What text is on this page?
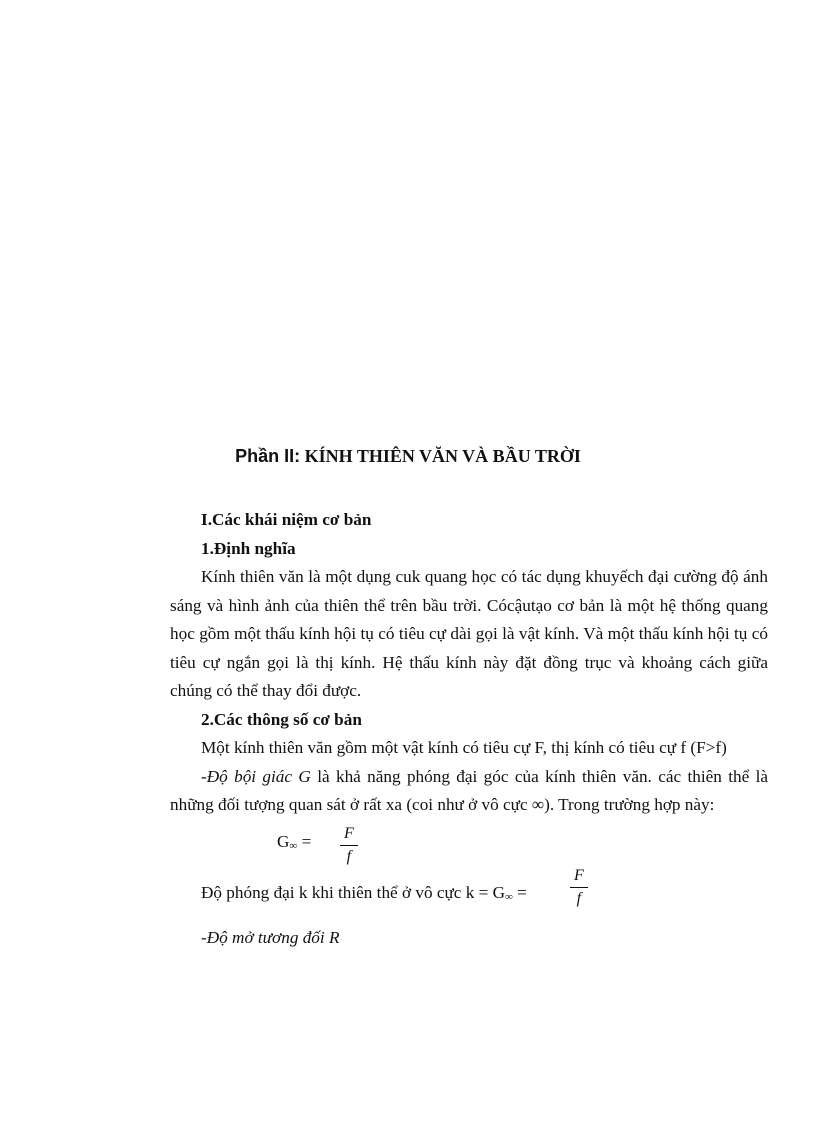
Phần II: KÍNH THIÊN VĂN VÀ BẦU TRỜI

I.Các khái niệm cơ bản

1.Định nghĩa

Kính thiên văn là một dụng cuk quang học có tác dụng khuyếch đại cường độ ánh sáng và hình ảnh của thiên thể trên bầu trời. Cócậutạo cơ bản là một hệ thống quang học gồm một thấu kính hội tụ có tiêu cự dài gọi là vật kính. Và một thấu kính hội tụ có tiêu cự ngắn gọi là thị kính. Hệ thấu kính này đặt đồng trục và khoảng cách giữa chúng có thể thay đổi được.

2.Các thông số cơ bản

Một kính thiên văn gồm một vật kính có tiêu cự F, thị kính có tiêu cự f (F>f)

-Độ bội giác G là khả năng phóng đại góc của kính thiên văn. các thiên thể là những đối tượng quan sát ở rất xa (coi như ở vô cực ∞). Trong trường hợp này:

$G\infty = \frac{F}{f}$
Độ phóng đại k khi thiên thể ở vô cực k = G∞ =	$\frac{F}{f}$

-Độ mở tương đối R
